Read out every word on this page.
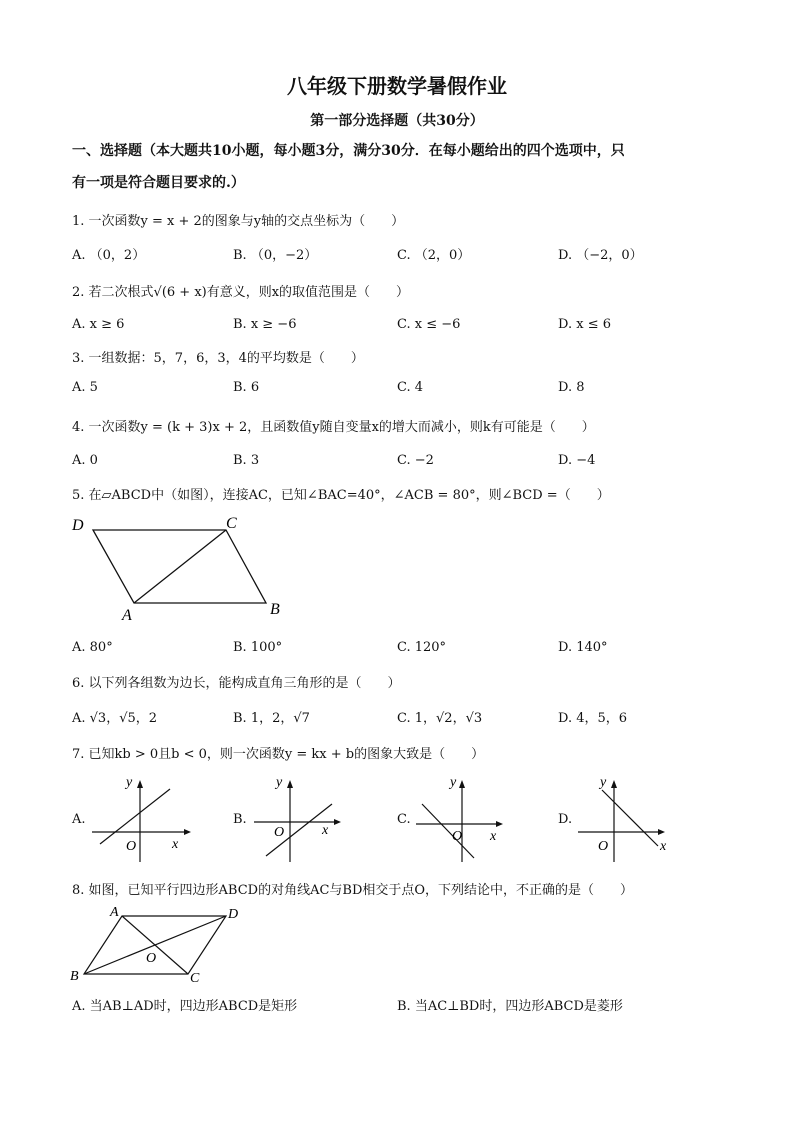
八年级下册数学暑假作业
第一部分选择题（共30分）
一、选择题（本大题共10小题，每小题3分，满分30分．在每小题给出的四个选项中，只
有一项是符合题目要求的.）
1. 一次函数y = x + 2的图象与y轴的交点坐标为（　　）
A. （0，2）	B. （0，−2）	C. （2，0）	D. （−2，0）
2. 若二次根式√(6 + x)有意义，则x的取值范围是（　　）
A. x ≥ 6	B. x ≥ −6	C. x ≤ −6	D. x ≤ 6
3. 一组数据：5，7，6，3，4的平均数是（　　）
A. 5	B. 6	C. 4	D. 8
4. 一次函数y = (k + 3)x + 2，且函数值y随自变量x的增大而减小，则k有可能是（　　）
A. 0	B. 3	C. −2	D. −4
5. 在▱ABCD中（如图），连接AC，已知∠BAC=40°，∠ACB = 80°，则∠BCD =（　　）
D	C
A	B
A. 80°	B. 100°	C. 120°	D. 140°
6. 以下列各组数为边长，能构成直角三角形的是（　　）
A. √3，√5，2	B. 1，2，√7	C. 1，√2，√3	D. 4，5，6
7. 已知kb > 0且b < 0，则一次函数y = kx + b的图象大致是（　　）
A.
y
x
O
B.
y
x
O
C.
y
x
O
D.
y
x
O
8. 如图，已知平行四边形ABCD的对角线AC与BD相交于点O，下列结论中，不正确的是（　　）
A	D
O
B	C
A. 当AB⊥AD时，四边形ABCD是矩形	B. 当AC⊥BD时，四边形ABCD是菱形
